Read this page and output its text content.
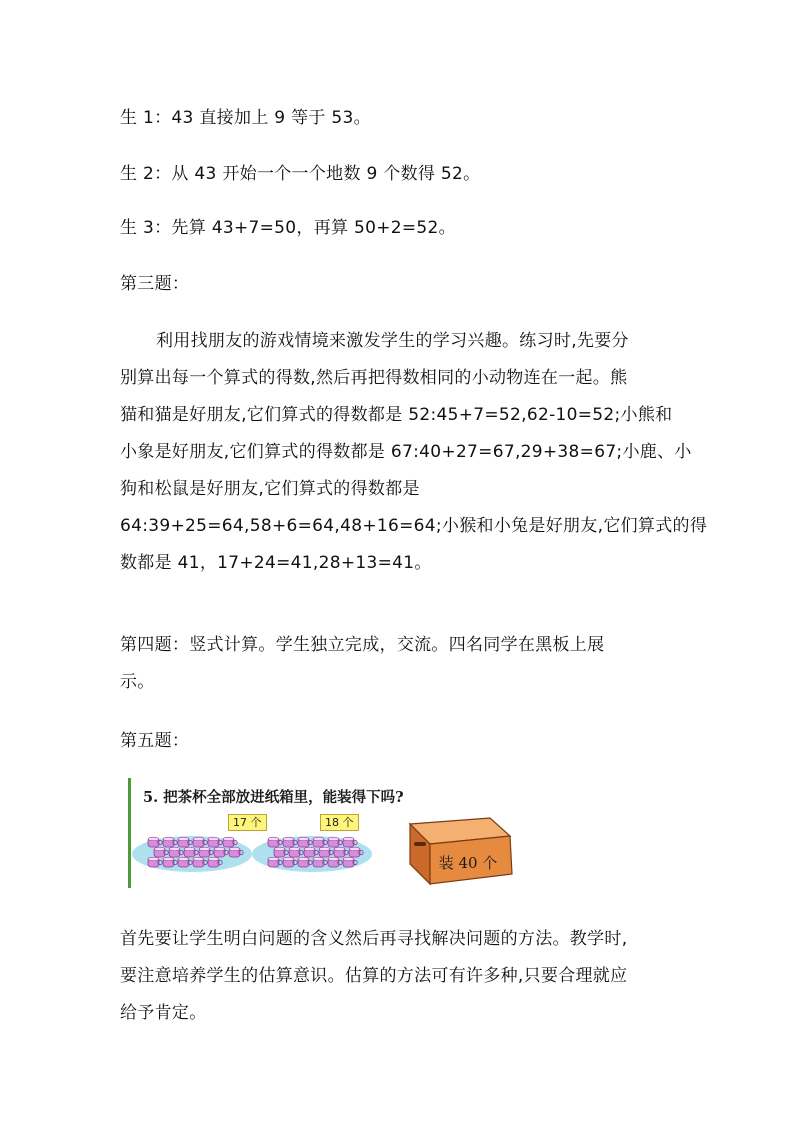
生 1：43 直接加上 9 等于 53。
生 2：从 43 开始一个一个地数 9 个数得 52。
生 3：先算 43+7=50，再算 50+2=52。
第三题：
利用找朋友的游戏情境来激发学生的学习兴趣。练习时,先要分
别算出每一个算式的得数,然后再把得数相同的小动物连在一起。熊
猫和猫是好朋友,它们算式的得数都是 52:45+7=52,62-10=52;小熊和
小象是好朋友,它们算式的得数都是 67:40+27=67,29+38=67;小鹿、小
狗和松鼠是好朋友,它们算式的得数都是
64:39+25=64,58+6=64,48+16=64;小猴和小兔是好朋友,它们算式的得
数都是 41，17+24=41,28+13=41。
第四题：竖式计算。学生独立完成，交流。四名同学在黑板上展
示。
第五题：
5. 把茶杯全部放进纸箱里，能装得下吗?
装 40 个
17 个	18 个
首先要让学生明白问题的含义然后再寻找解决问题的方法。教学时,
要注意培养学生的估算意识。估算的方法可有许多种,只要合理就应
给予肯定。
